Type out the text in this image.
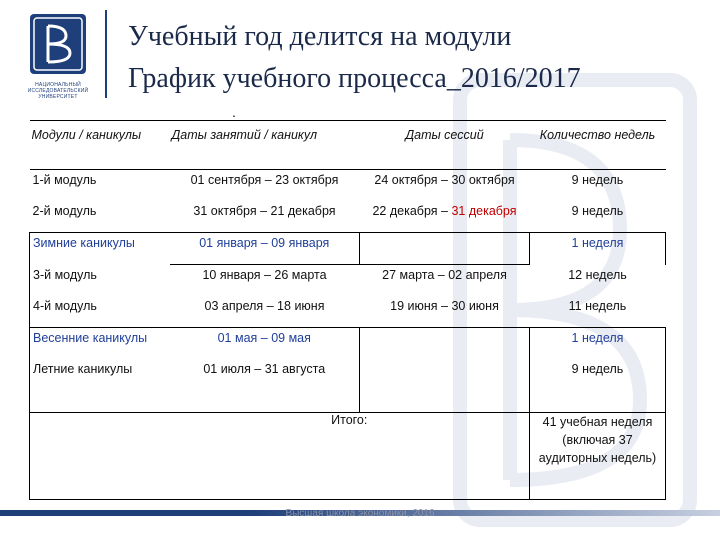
НАЦИОНАЛЬНЫЙ ИССЛЕДОВАТЕЛЬСКИЙ УНИВЕРСИТЕТ
Учебный год делится на модули
График учебного процесса_2016/2017
.
Модули / каникулы	Даты занятий / каникул	Даты сессий	Количество недель
1-й модуль	01 сентября – 23 октября	24 октября – 30 октября	9 недель
2-й модуль	31 октября – 21 декабря	22 декабря – 31 декабря	9 недель
Зимние каникулы	01 января – 09 января		1 неделя
3-й модуль	10 января – 26 марта	27 марта – 02 апреля	12 недель
4-й модуль	03 апреля – 18 июня	19 июня – 30 июня	11 недель
Весенние каникулы	01 мая – 09 мая		1 неделя
Летние каникулы	01 июля – 31 августа		9 недель
	Итого:		41 учебная неделя
(включая 37
аудиторных недель)
Высшая школа экономики, 2016
